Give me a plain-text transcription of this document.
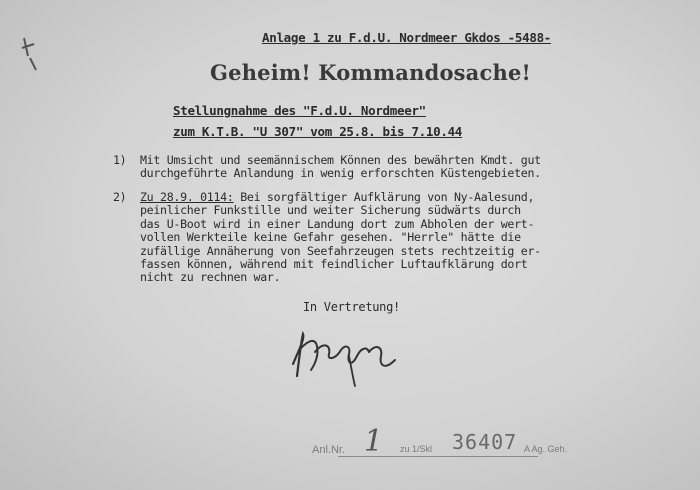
Anlage 1 zu F.d.U. Nordmeer Gkdos -5488-
Geheim! Kommandosache!
Stellungnahme des "F.d.U. Nordmeer"
zum K.T.B. "U 307" vom 25.8. bis 7.10.44
1) Mit Umsicht und seemännischem Können des bewährten Kmdt. gut
durchgeführte Anlandung in wenig erforschten Küstengebieten.
2) Zu 28.9. 0114: Bei sorgfältiger Aufklärung von Ny-Aalesund,
peinlicher Funkstille und weiter Sicherung südwärts durch
das U-Boot wird in einer Landung dort zum Abholen der wert-
vollen Werkteile keine Gefahr gesehen. "Herrle" hätte die
zufällige Annäherung von Seefahrzeugen stets rechtzeitig er-
fassen können, während mit feindlicher Luftaufklärung dort
nicht zu rechnen war.
In Vertretung!
Anl.Nr. 1 zu 1/Skl 36407 A Ag. Geh.
